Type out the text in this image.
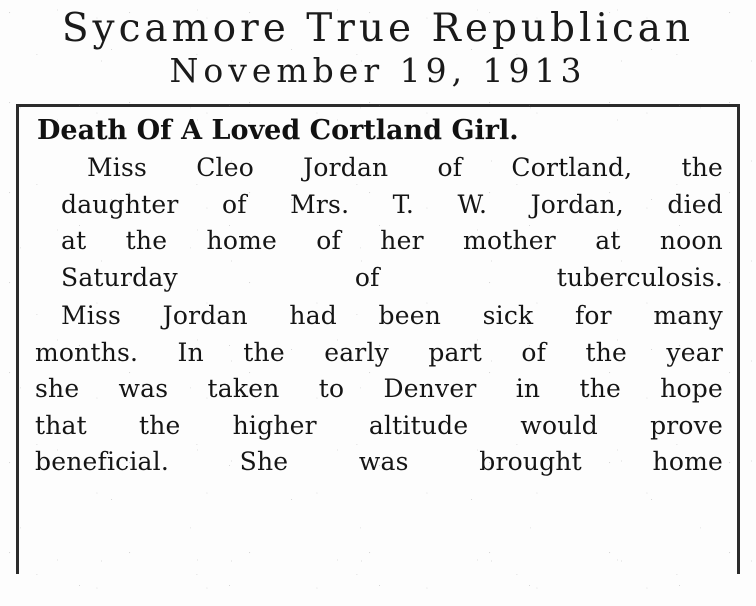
Sycamore True Republican
November 19, 1913
Death Of A Loved Cortland Girl.

Miss Cleo Jordan of Cortland, the
daughter of Mrs. T. W. Jordan, died
at the home of her mother at noon
Saturday of tuberculosis.

Miss Jordan had been sick for many
months. In the early part of the year
she was taken to Denver in the hope
that the higher altitude would prove
beneficial. She was brought home
